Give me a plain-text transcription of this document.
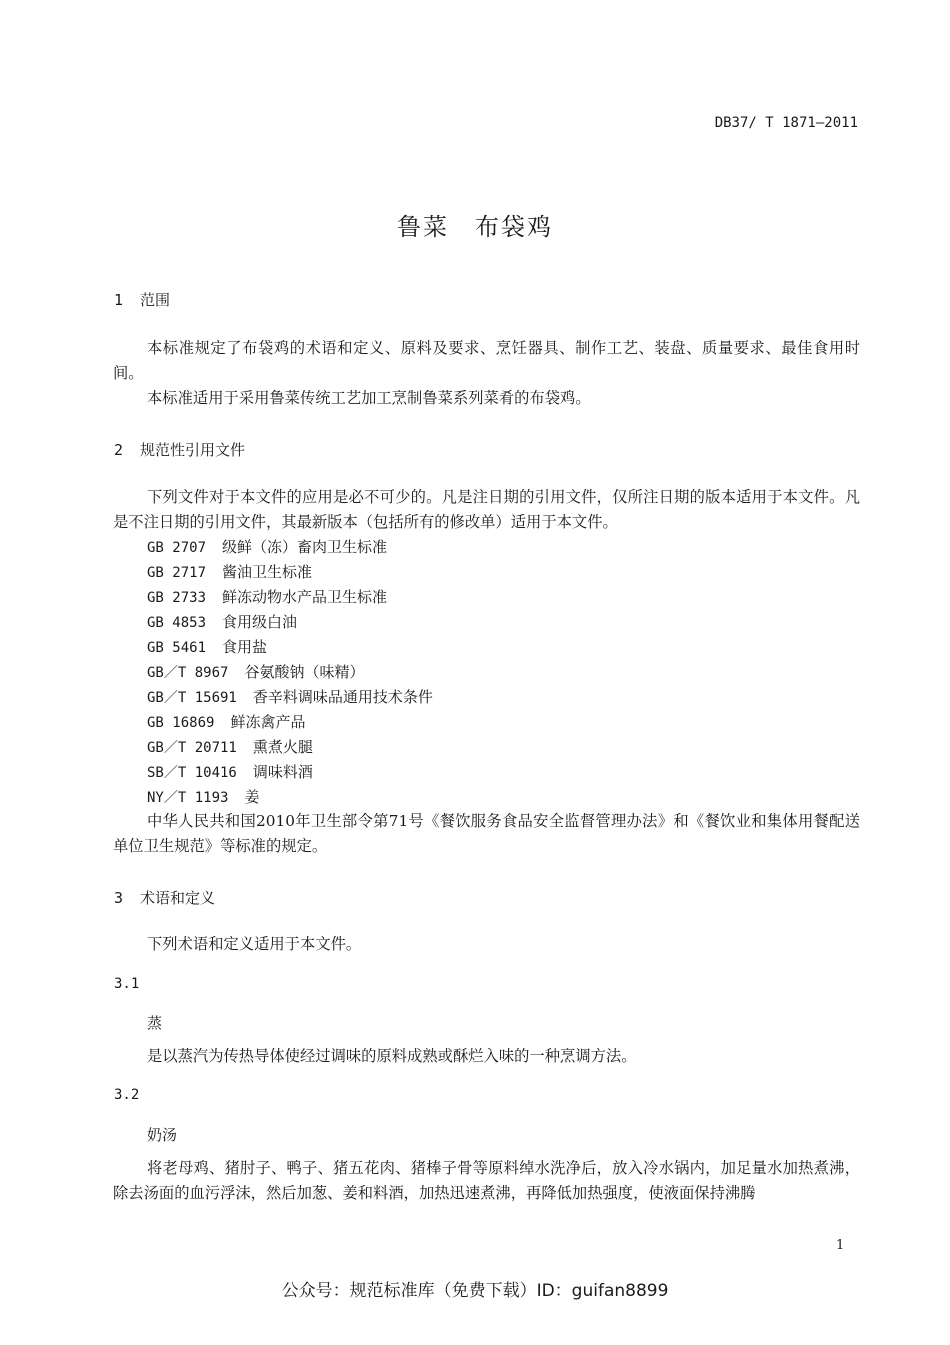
DB37/ T 1871—2011
鲁菜　布袋鸡
1 范围

本标准规定了布袋鸡的术语和定义、原料及要求、烹饪器具、制作工艺、装盘、质量要求、最佳食用时间。

本标准适用于采用鲁菜传统工艺加工烹制鲁菜系列菜肴的布袋鸡。

2 规范性引用文件

下列文件对于本文件的应用是必不可少的。凡是注日期的引用文件，仅所注日期的版本适用于本文件。凡是不注日期的引用文件，其最新版本（包括所有的修改单）适用于本文件。

GB 2707 级鲜（冻）畜肉卫生标准
GB 2717 酱油卫生标准
GB 2733 鲜冻动物水产品卫生标准
GB 4853 食用级白油
GB 5461 食用盐
GB／T 8967 谷氨酸钠（味精）
GB／T 15691 香辛料调味品通用技术条件
GB 16869 鲜冻禽产品
GB／T 20711 熏煮火腿
SB／T 10416 调味料酒
NY／T 1193 姜

中华人民共和国2010年卫生部令第71号《餐饮服务食品安全监督管理办法》和《餐饮业和集体用餐配送单位卫生规范》等标准的规定。

3 术语和定义

下列术语和定义适用于本文件。

3.1
蒸

是以蒸汽为传热导体使经过调味的原料成熟或酥烂入味的一种烹调方法。

3.2
奶汤

将老母鸡、猪肘子、鸭子、猪五花肉、猪棒子骨等原料绰水洗净后，放入冷水锅内，加足量水加热煮沸，除去汤面的血污浮沫，然后加葱、姜和料酒，加热迅速煮沸，再降低加热强度，使液面保持沸腾

1
公众号：规范标准库（免费下载）ID：guifan8899
